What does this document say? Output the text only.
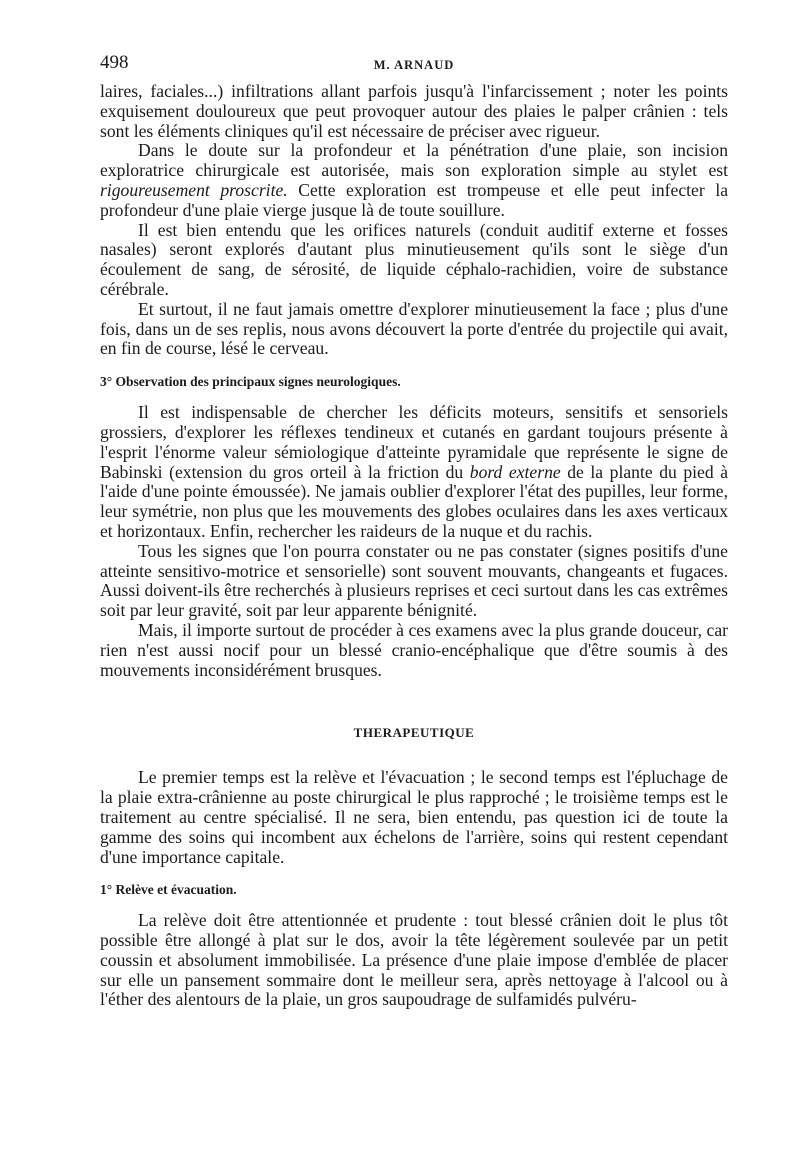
498	M. ARNAUD

laires, faciales...) infiltrations allant parfois jusqu'à l'infarcissement ; noter les points exquisement douloureux que peut provoquer autour des plaies le palper crânien : tels sont les éléments cliniques qu'il est nécessaire de préciser avec rigueur.

Dans le doute sur la profondeur et la pénétration d'une plaie, son incision exploratrice chirurgicale est autorisée, mais son exploration simple au stylet est rigoureusement proscrite. Cette exploration est trompeuse et elle peut infecter la profondeur d'une plaie vierge jusque là de toute souillure.

Il est bien entendu que les orifices naturels (conduit auditif externe et fosses nasales) seront explorés d'autant plus minutieusement qu'ils sont le siège d'un écoulement de sang, de sérosité, de liquide céphalo-rachidien, voire de substance cérébrale.

Et surtout, il ne faut jamais omettre d'explorer minutieusement la face ; plus d'une fois, dans un de ses replis, nous avons découvert la porte d'entrée du projectile qui avait, en fin de course, lésé le cerveau.

3° Observation des principaux signes neurologiques.

Il est indispensable de chercher les déficits moteurs, sensitifs et sensoriels grossiers, d'explorer les réflexes tendineux et cutanés en gardant toujours présente à l'esprit l'énorme valeur sémiologique d'atteinte pyramidale que représente le signe de Babinski (extension du gros orteil à la friction du bord externe de la plante du pied à l'aide d'une pointe émoussée). Ne jamais oublier d'explorer l'état des pupilles, leur forme, leur symétrie, non plus que les mouvements des globes oculaires dans les axes verticaux et horizontaux. Enfin, rechercher les raideurs de la nuque et du rachis.

Tous les signes que l'on pourra constater ou ne pas constater (signes positifs d'une atteinte sensitivo-motrice et sensorielle) sont souvent mouvants, changeants et fugaces. Aussi doivent-ils être recherchés à plusieurs reprises et ceci surtout dans les cas extrêmes soit par leur gravité, soit par leur apparente bénignité.

Mais, il importe surtout de procéder à ces examens avec la plus grande douceur, car rien n'est aussi nocif pour un blessé cranio-encéphalique que d'être soumis à des mouvements inconsidérément brusques.

THERAPEUTIQUE

Le premier temps est la relève et l'évacuation ; le second temps est l'épluchage de la plaie extra-crânienne au poste chirurgical le plus rapproché ; le troisième temps est le traitement au centre spécialisé. Il ne sera, bien entendu, pas question ici de toute la gamme des soins qui incombent aux échelons de l'arrière, soins qui restent cependant d'une importance capitale.

1° Relève et évacuation.

La relève doit être attentionnée et prudente : tout blessé crânien doit le plus tôt possible être allongé à plat sur le dos, avoir la tête légèrement soulevée par un petit coussin et absolument immobilisée. La présence d'une plaie impose d'emblée de placer sur elle un pansement sommaire dont le meilleur sera, après nettoyage à l'alcool ou à l'éther des alentours de la plaie, un gros saupoudrage de sulfamidés pulvéru-
